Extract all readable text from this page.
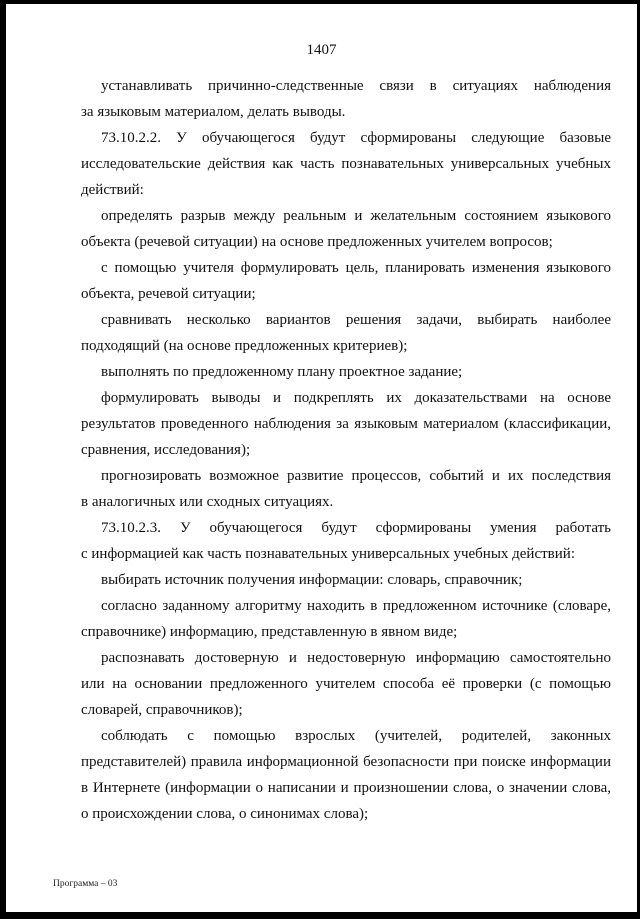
1407
устанавливать причинно-следственные связи в ситуациях наблюдения
за языковым материалом, делать выводы.
73.10.2.2. У обучающегося будут сформированы следующие базовые
исследовательские действия как часть познавательных универсальных учебных
действий:
определять разрыв между реальным и желательным состоянием языкового
объекта (речевой ситуации) на основе предложенных учителем вопросов;
с помощью учителя формулировать цель, планировать изменения языкового
объекта, речевой ситуации;
сравнивать несколько вариантов решения задачи, выбирать наиболее
подходящий (на основе предложенных критериев);
выполнять по предложенному плану проектное задание;
формулировать выводы и подкреплять их доказательствами на основе
результатов проведенного наблюдения за языковым материалом (классификации,
сравнения, исследования);
прогнозировать возможное развитие процессов, событий и их последствия
в аналогичных или сходных ситуациях.
73.10.2.3. У обучающегося будут сформированы умения работать
с информацией как часть познавательных универсальных учебных действий:
выбирать источник получения информации: словарь, справочник;
согласно заданному алгоритму находить в предложенном источнике (словаре,
справочнике) информацию, представленную в явном виде;
распознавать достоверную и недостоверную информацию самостоятельно
или на основании предложенного учителем способа её проверки (с помощью
словарей, справочников);
соблюдать с помощью взрослых (учителей, родителей, законных
представителей) правила информационной безопасности при поиске информации
в Интернете (информации о написании и произношении слова, о значении слова,
о происхождении слова, о синонимах слова);
Программа – 03
